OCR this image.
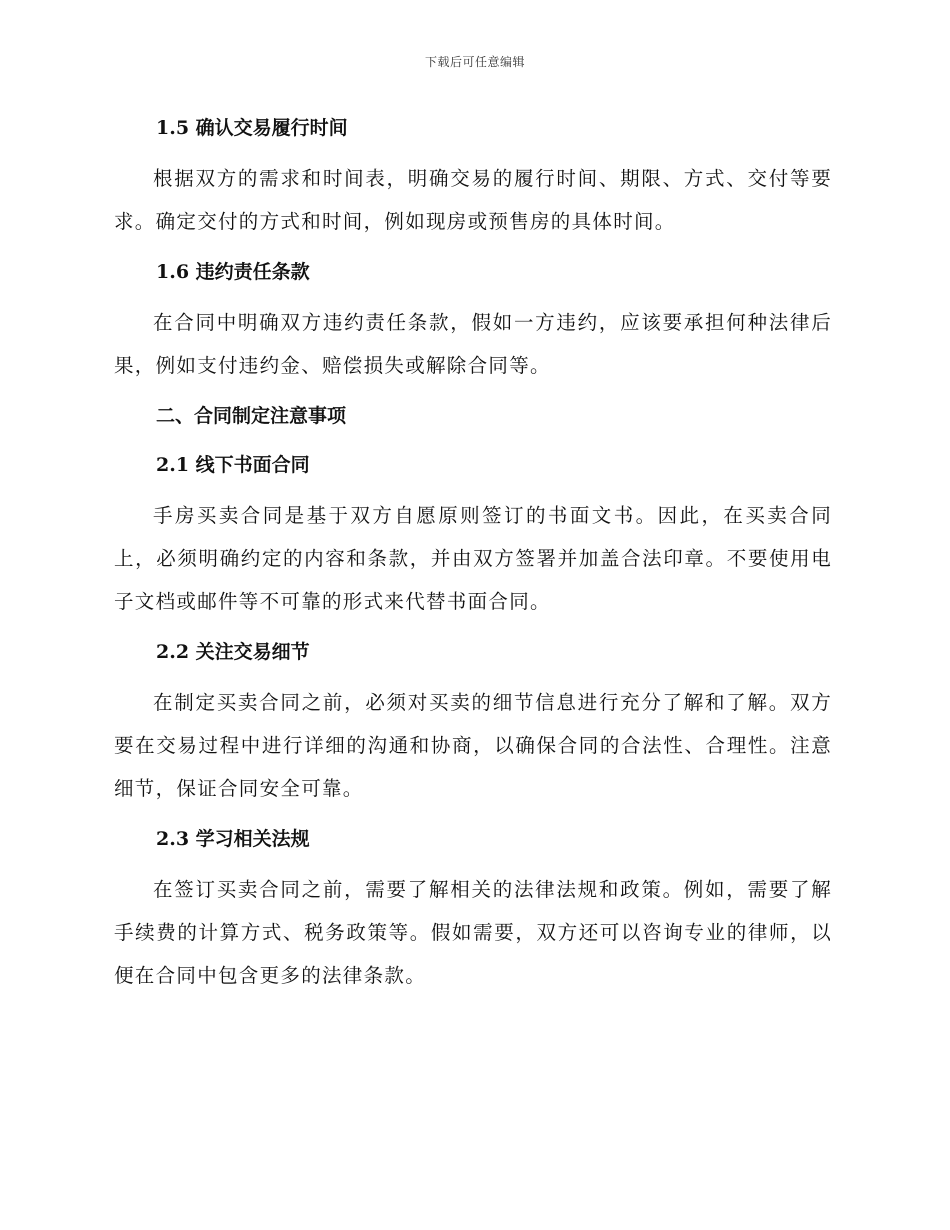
下载后可任意编辑
1.5 确认交易履行时间

根据双方的需求和时间表，明确交易的履行时间、期限、方式、交付等要求。确定交付的方式和时间，例如现房或预售房的具体时间。

1.6 违约责任条款

在合同中明确双方违约责任条款，假如一方违约，应该要承担何种法律后果，例如支付违约金、赔偿损失或解除合同等。

二、合同制定注意事项
2.1 线下书面合同

手房买卖合同是基于双方自愿原则签订的书面文书。因此，在买卖合同上，必须明确约定的内容和条款，并由双方签署并加盖合法印章。不要使用电子文档或邮件等不可靠的形式来代替书面合同。

2.2 关注交易细节

在制定买卖合同之前，必须对买卖的细节信息进行充分了解和了解。双方要在交易过程中进行详细的沟通和协商，以确保合同的合法性、合理性。注意细节，保证合同安全可靠。

2.3 学习相关法规

在签订买卖合同之前，需要了解相关的法律法规和政策。例如，需要了解手续费的计算方式、税务政策等。假如需要，双方还可以咨询专业的律师，以便在合同中包含更多的法律条款。
